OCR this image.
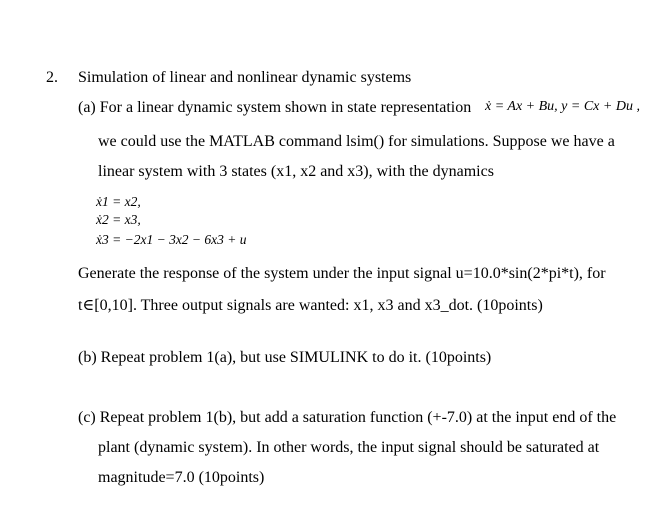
2. Simulation of linear and nonlinear dynamic systems
(a) For a linear dynamic system shown in state representation ẋ = Ax + Bu, y = Cx + Du ,
we could use the MATLAB command lsim() for simulations. Suppose we have a
linear system with 3 states (x1, x2 and x3), with the dynamics
ẋ1 = x2,
ẋ2 = x3,
ẋ3 = −2x1 − 3x2 − 6x3 + u
Generate the response of the system under the input signal u=10.0*sin(2*pi*t), for
t∈[0,10]. Three output signals are wanted: x1, x3 and x3_dot. (10points)
(b) Repeat problem 1(a), but use SIMULINK to do it. (10points)
(c) Repeat problem 1(b), but add a saturation function (+-7.0) at the input end of the
plant (dynamic system). In other words, the input signal should be saturated at
magnitude=7.0 (10points)
